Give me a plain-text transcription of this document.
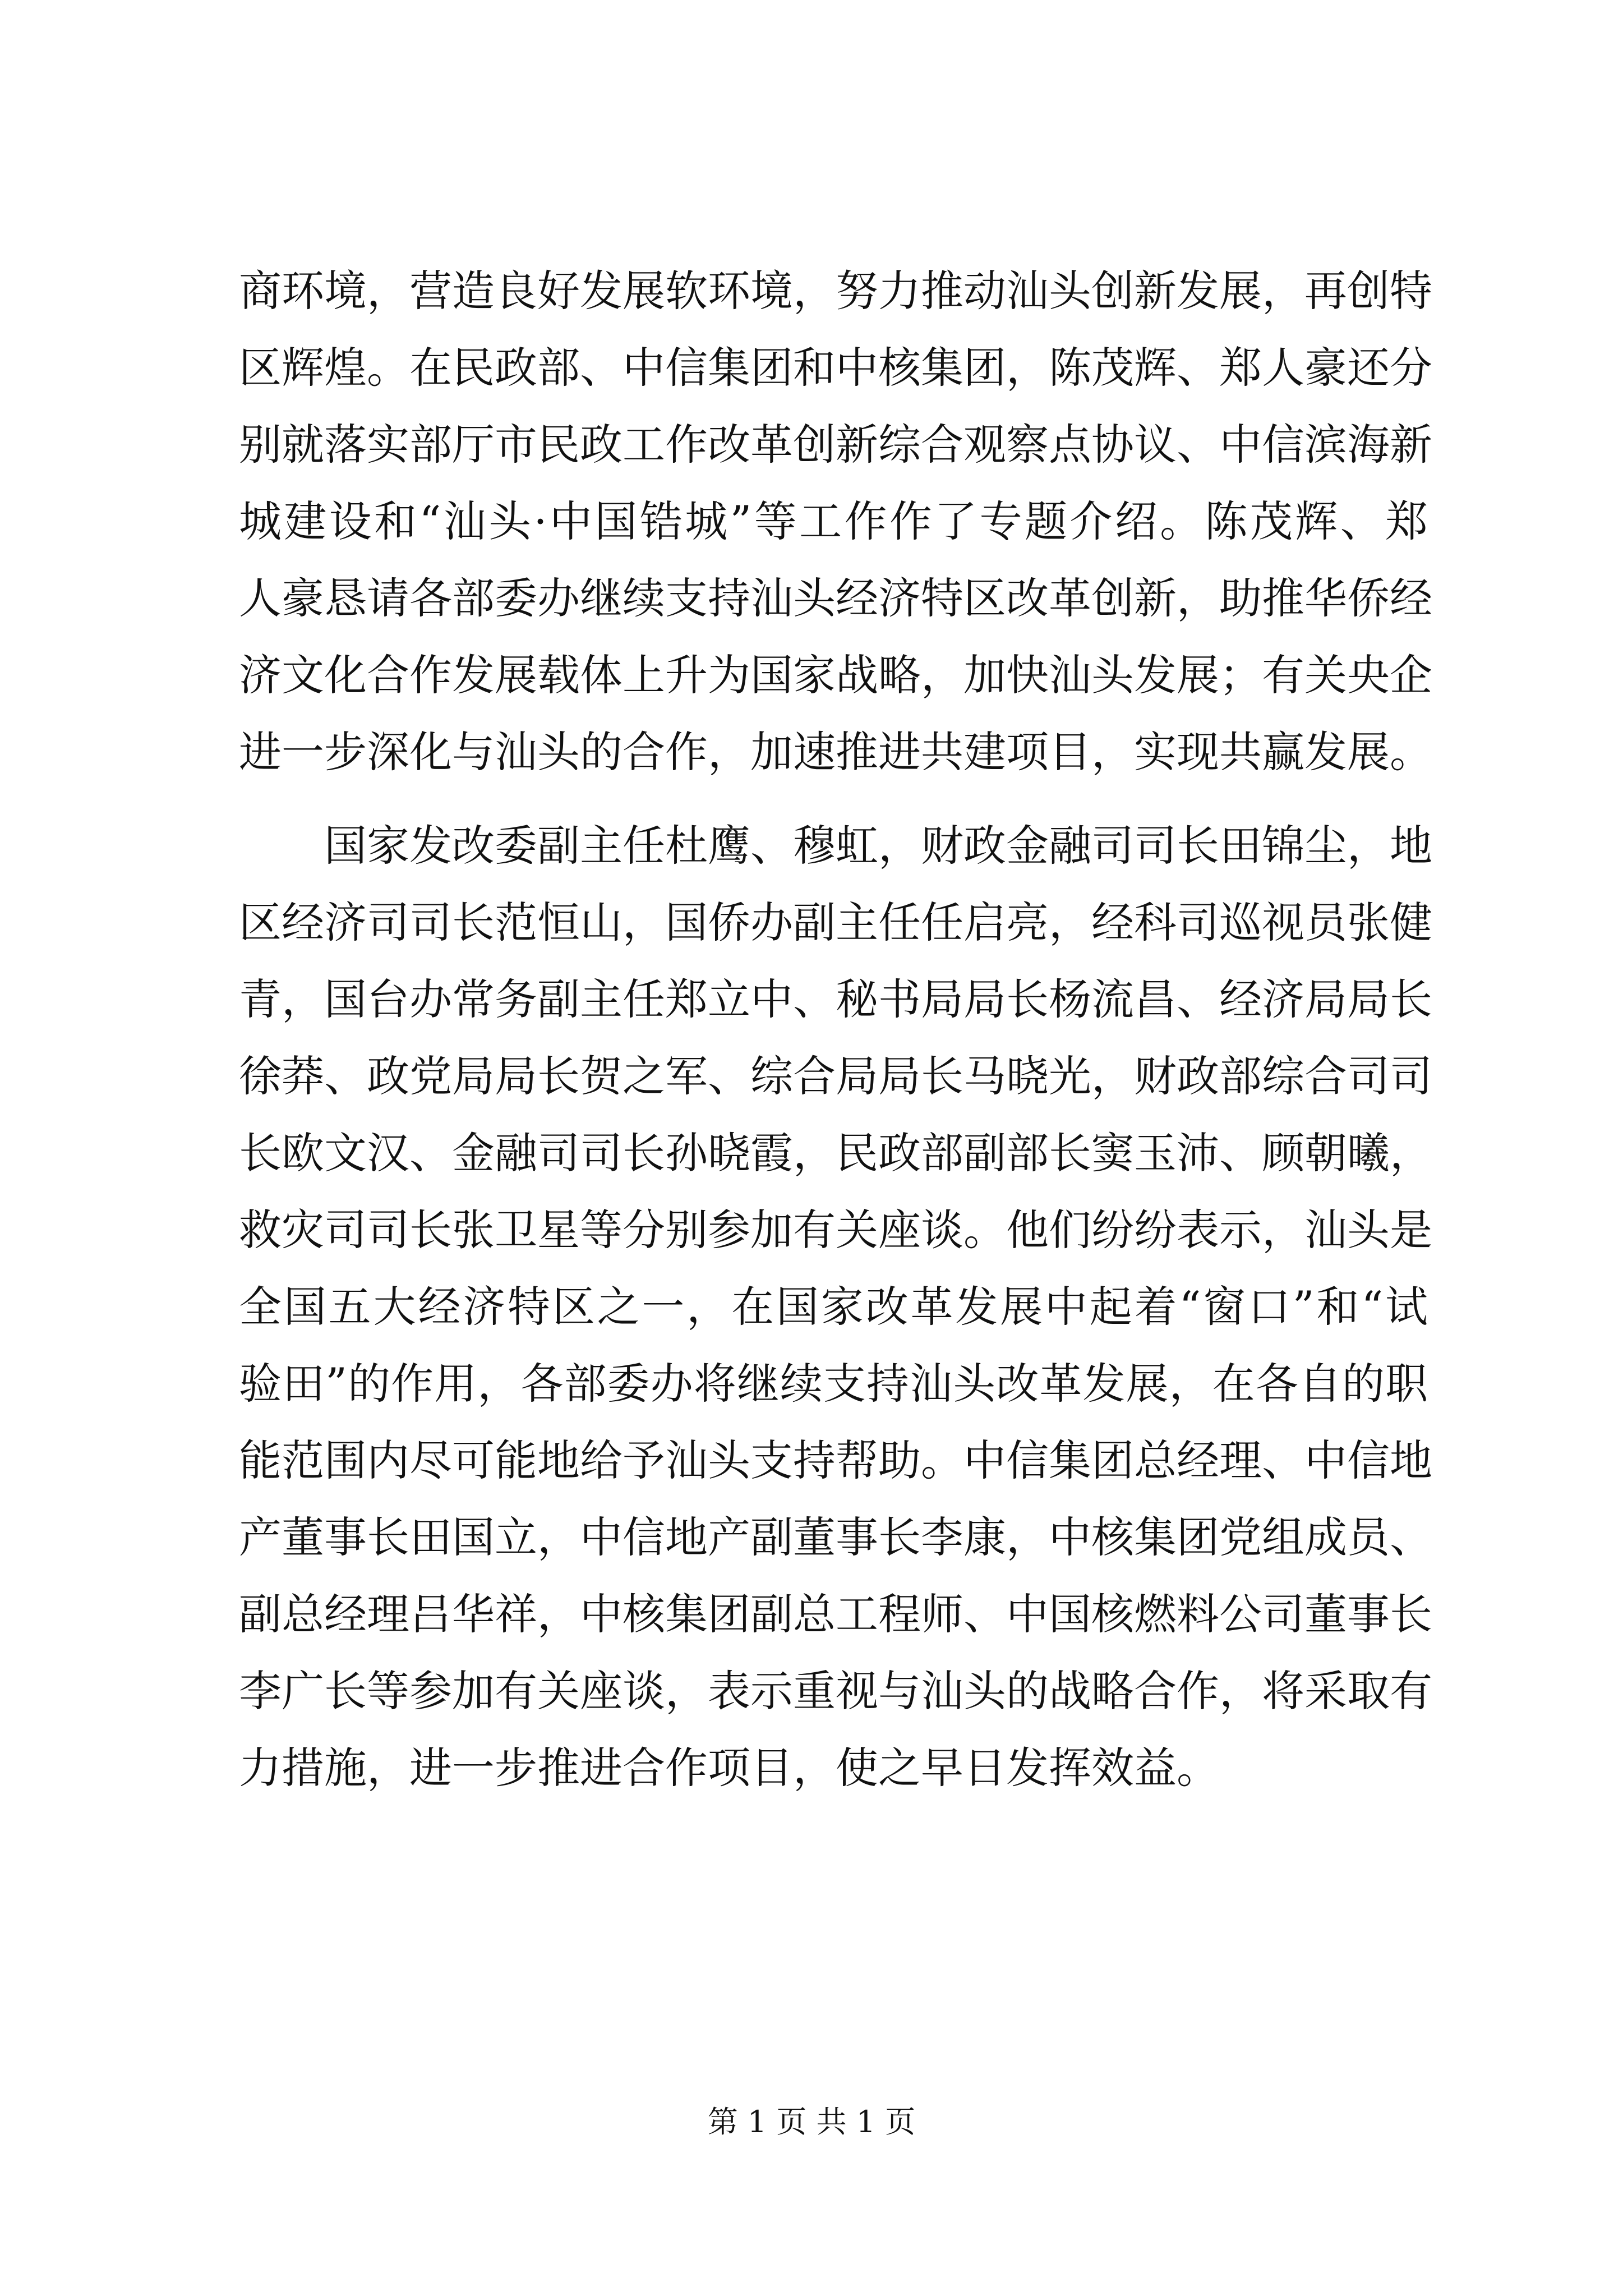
商环境，营造良好发展软环境，努力推动汕头创新发展，再创特
区辉煌。在民政部、中信集团和中核集团，陈茂辉、郑人豪还分
别就落实部厅市民政工作改革创新综合观察点协议、中信滨海新
城建设和“汕头·中国锆城”等工作作了专题介绍。陈茂辉、郑
人豪恳请各部委办继续支持汕头经济特区改革创新，助推华侨经
济文化合作发展载体上升为国家战略，加快汕头发展；有关央企
进一步深化与汕头的合作，加速推进共建项目，实现共赢发展。
国家发改委副主任杜鹰、穆虹，财政金融司司长田锦尘，地
区经济司司长范恒山，国侨办副主任任启亮，经科司巡视员张健
青，国台办常务副主任郑立中、秘书局局长杨流昌、经济局局长
徐莽、政党局局长贺之军、综合局局长马晓光，财政部综合司司
长欧文汉、金融司司长孙晓霞，民政部副部长窦玉沛、顾朝曦，
救灾司司长张卫星等分别参加有关座谈。他们纷纷表示，汕头是
全国五大经济特区之一，在国家改革发展中起着“窗口”和“试
验田”的作用，各部委办将继续支持汕头改革发展，在各自的职
能范围内尽可能地给予汕头支持帮助。中信集团总经理、中信地
产董事长田国立，中信地产副董事长李康，中核集团党组成员、
副总经理吕华祥，中核集团副总工程师、中国核燃料公司董事长
李广长等参加有关座谈，表示重视与汕头的战略合作，将采取有
力措施，进一步推进合作项目，使之早日发挥效益。
第 1 页 共 1 页
